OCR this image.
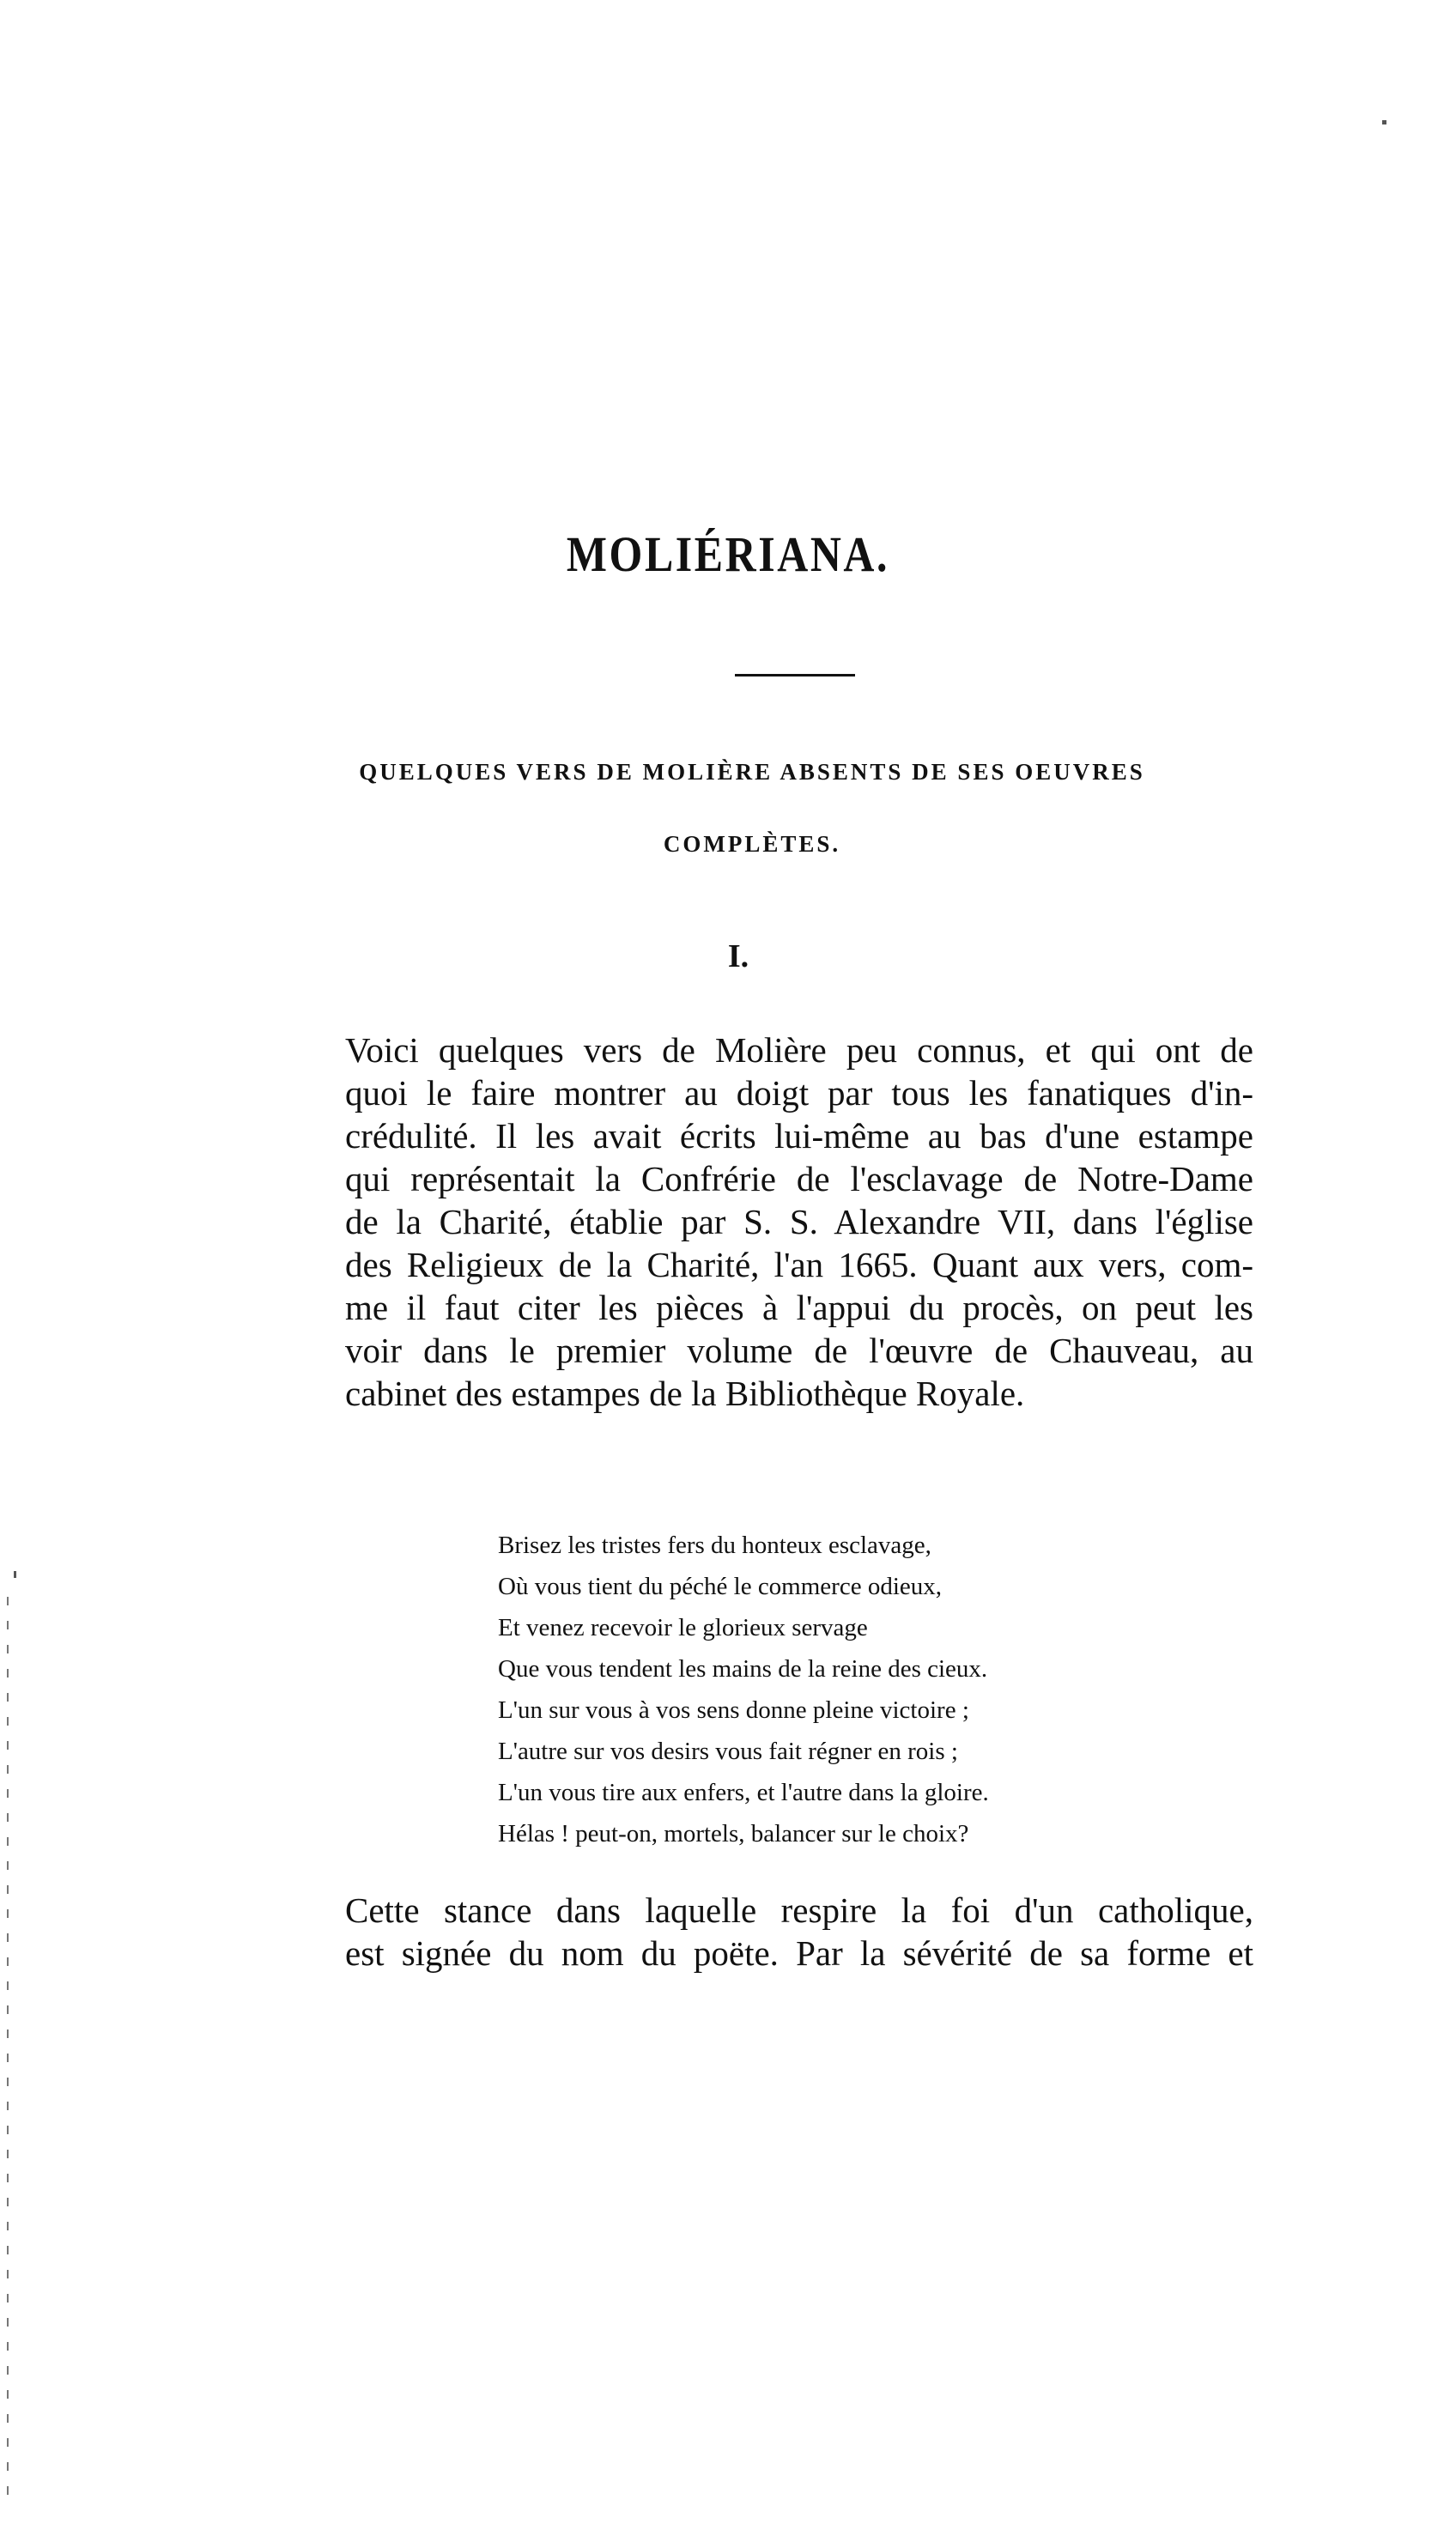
MOLIÉRIANA.
QUELQUES VERS DE MOLIÈRE ABSENTS DE SES OEUVRES
COMPLÈTES.
I.
Voici quelques vers de Molière peu connus, et qui ont de
quoi le faire montrer au doigt par tous les fanatiques d'in-
crédulité. Il les avait écrits lui-même au bas d'une estampe
qui représentait la Confrérie de l'esclavage de Notre-Dame
de la Charité, établie par S. S. Alexandre VII, dans l'église
des Religieux de la Charité, l'an 1665. Quant aux vers, com-
me il faut citer les pièces à l'appui du procès, on peut les
voir dans le premier volume de l'œuvre de Chauveau, au
cabinet des estampes de la Bibliothèque Royale.
Brisez les tristes fers du honteux esclavage,
Où vous tient du péché le commerce odieux,
Et venez recevoir le glorieux servage
Que vous tendent les mains de la reine des cieux.
L'un sur vous à vos sens donne pleine victoire ;
L'autre sur vos desirs vous fait régner en rois ;
L'un vous tire aux enfers, et l'autre dans la gloire.
Hélas ! peut-on, mortels, balancer sur le choix?
Cette stance dans laquelle respire la foi d'un catholique,
est signée du nom du poëte. Par la sévérité de sa forme et
